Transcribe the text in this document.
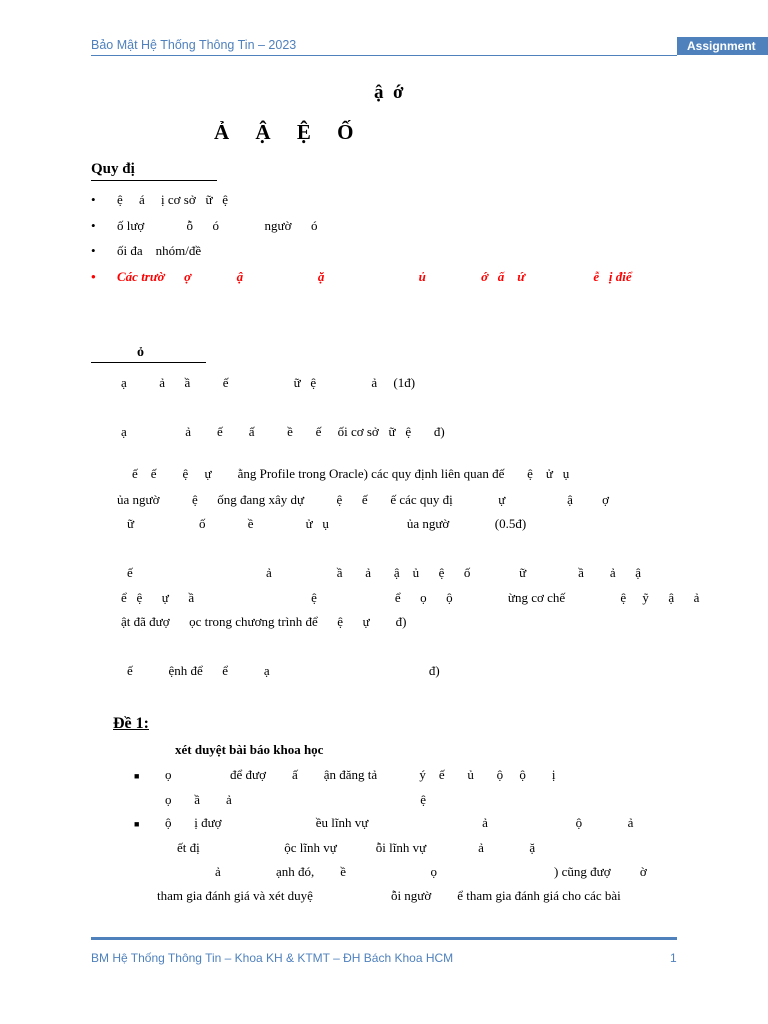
Bảo Mật Hệ Thống Thông Tin – 2023	Assignment
ậ  ớ
Ả     Ậ     Ệ     Ố
Quy đị
• ệ     á     ị cơ sở   ữ   ệ
• ố lượ             ỗ      ó              ngườ      ó
• ối đa    nhóm/đề
• Các trườ      ợ              ậ                       ặ                             ủ                 ớ   ấ    ứ                     ễ   ị điể
ỏ
ạ          ả      ầ          ế                    ữ   ệ                 ả     (1đ)
ạ                  ả        ế        ấ          ề       ế     ối cơ sở   ữ   ệ       đ)
ế    ế        ệ     ự        ằng Profile trong Oracle) các quy định liên quan đế       ệ    ử   ụ
ủa ngườ          ệ      ống đang xây dự          ệ      ế       ế các quy đị              ự                   ậ         ợ
ữ                    ố             ề                ử   ụ                        ủa ngườ              (0.5đ)
ế                                         ả                    ầ       ả       ậ    ủ      ệ      ố               ữ                ầ        ả      ậ
ể   ệ      ự      ầ                                    ệ                        ể      ọ      ộ                 ừng cơ chế                 ệ     ỹ      ậ      ả
ật đã đượ      ọc trong chương trình để      ệ      ự        đ)
ế           ệnh để      ể           ạ                                                 đ)
Đề 1:
xét duyệt bài báo khoa học
■ ọ                  để đượ        ấ        ận đăng tả             ý    ế       ủ       ộ     ộ        ị
ọ       ầ        ả                                                          ệ
■ ộ       ị đượ                             ều lĩnh vự                                   ả                           ộ              ả
ết đị                          ộc lĩnh vự            ỗi lĩnh vự                ả              ặ
ả                 ạnh đó,        ề                          ọ                                    ) cũng đượ         ờ
tham gia đánh giá và xét duyệ                        ỗi ngườ        ể tham gia đánh giá cho các bài
BM Hệ Thống Thông Tin – Khoa KH & KTMT – ĐH Bách Khoa HCM	1
